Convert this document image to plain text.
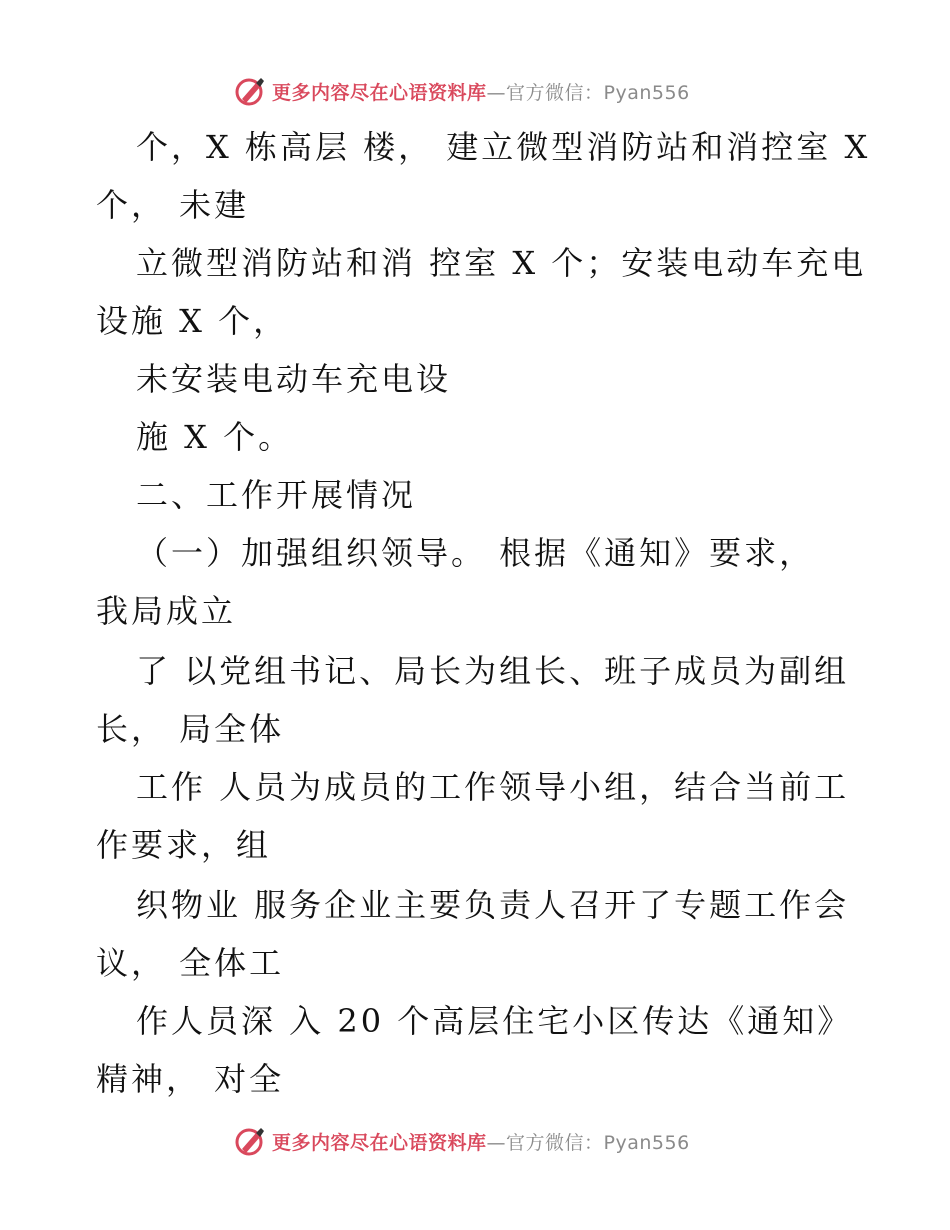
更多内容尽在心语资料库—官方微信：Pyan556
个，X 栋高层 楼， 建立微型消防站和消控室 X
个， 未建
立微型消防站和消 控室 X 个；安装电动车充电
设施 X 个，
未安装电动车充电设
施 X 个。
二、工作开展情况
（一）加强组织领导。 根据《通知》要求，
我局成立
了 以党组书记、局长为组长、班子成员为副组
长， 局全体
工作 人员为成员的工作领导小组，结合当前工
作要求，组
织物业 服务企业主要负责人召开了专题工作会
议， 全体工
作人员深 入 20 个高层住宅小区传达《通知》
精神， 对全
更多内容尽在心语资料库—官方微信：Pyan556
